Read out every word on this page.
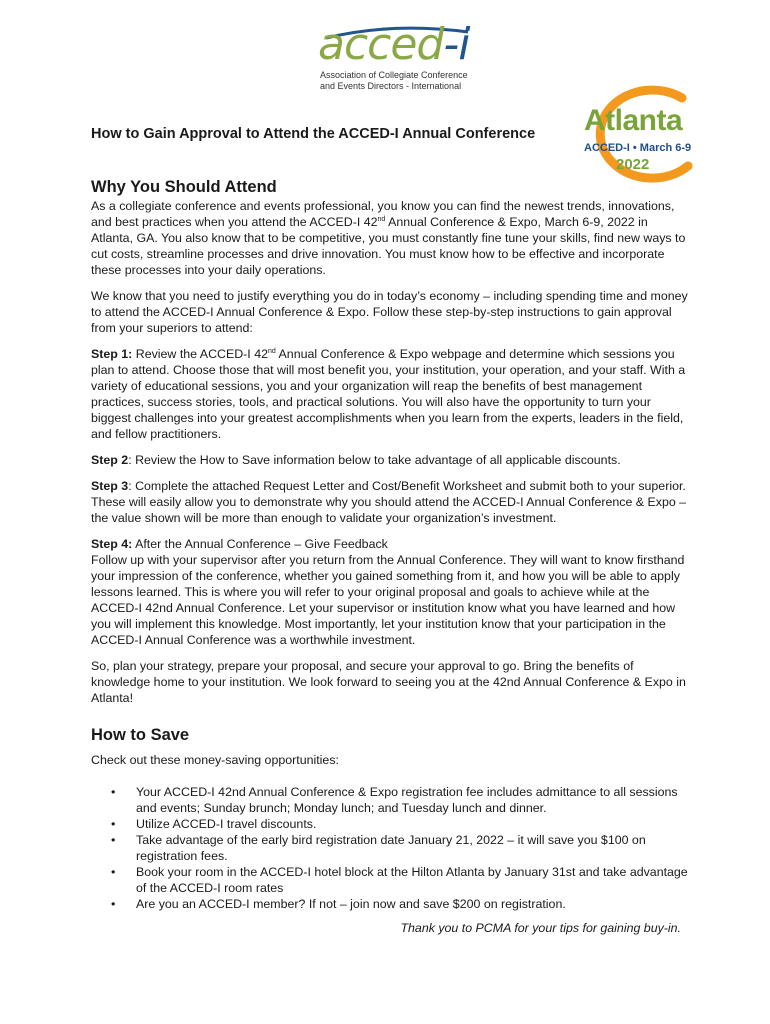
acced-i
Association of Collegiate Conference
and Events Directors - International
Atlanta
ACCED-I • March 6-9
2022
How to Gain Approval to Attend the ACCED-I Annual Conference
Why You Should Attend

As a collegiate conference and events professional, you know you can find the newest trends, innovations, and best practices when you attend the ACCED-I 42nd Annual Conference & Expo, March 6-9, 2022 in Atlanta, GA. You also know that to be competitive, you must constantly fine tune your skills, find new ways to cut costs, streamline processes and drive innovation. You must know how to be effective and incorporate these processes into your daily operations.

We know that you need to justify everything you do in today’s economy – including spending time and money to attend the ACCED-I Annual Conference & Expo. Follow these step-by-step instructions to gain approval from your superiors to attend:

Step 1: Review the ACCED-I 42nd Annual Conference & Expo webpage and determine which sessions you plan to attend. Choose those that will most benefit you, your institution, your operation, and your staff. With a variety of educational sessions, you and your organization will reap the benefits of best management practices, success stories, tools, and practical solutions. You will also have the opportunity to turn your biggest challenges into your greatest accomplishments when you learn from the experts, leaders in the field, and fellow practitioners.

Step 2: Review the How to Save information below to take advantage of all applicable discounts.

Step 3: Complete the attached Request Letter and Cost/Benefit Worksheet and submit both to your superior. These will easily allow you to demonstrate why you should attend the ACCED-I Annual Conference & Expo – the value shown will be more than enough to validate your organization’s investment.

Step 4: After the Annual Conference – Give Feedback
Follow up with your supervisor after you return from the Annual Conference. They will want to know firsthand your impression of the conference, whether you gained something from it, and how you will be able to apply lessons learned. This is where you will refer to your original proposal and goals to achieve while at the ACCED-I 42nd Annual Conference. Let your supervisor or institution know what you have learned and how you will implement this knowledge. Most importantly, let your institution know that your participation in the ACCED-I Annual Conference was a worthwhile investment.

So, plan your strategy, prepare your proposal, and secure your approval to go. Bring the benefits of knowledge home to your institution. We look forward to seeing you at the 42nd Annual Conference & Expo in Atlanta!

How to Save

Check out these money-saving opportunities:

• Your ACCED-I 42nd Annual Conference & Expo registration fee includes admittance to all sessions and events; Sunday brunch; Monday lunch; and Tuesday lunch and dinner.
• Utilize ACCED-I travel discounts.
• Take advantage of the early bird registration date January 21, 2022 – it will save you $100 on registration fees.
• Book your room in the ACCED-I hotel block at the Hilton Atlanta by January 31st and take advantage of the ACCED-I room rates
• Are you an ACCED-I member? If not – join now and save $200 on registration.
Thank you to PCMA for your tips for gaining buy-in.
